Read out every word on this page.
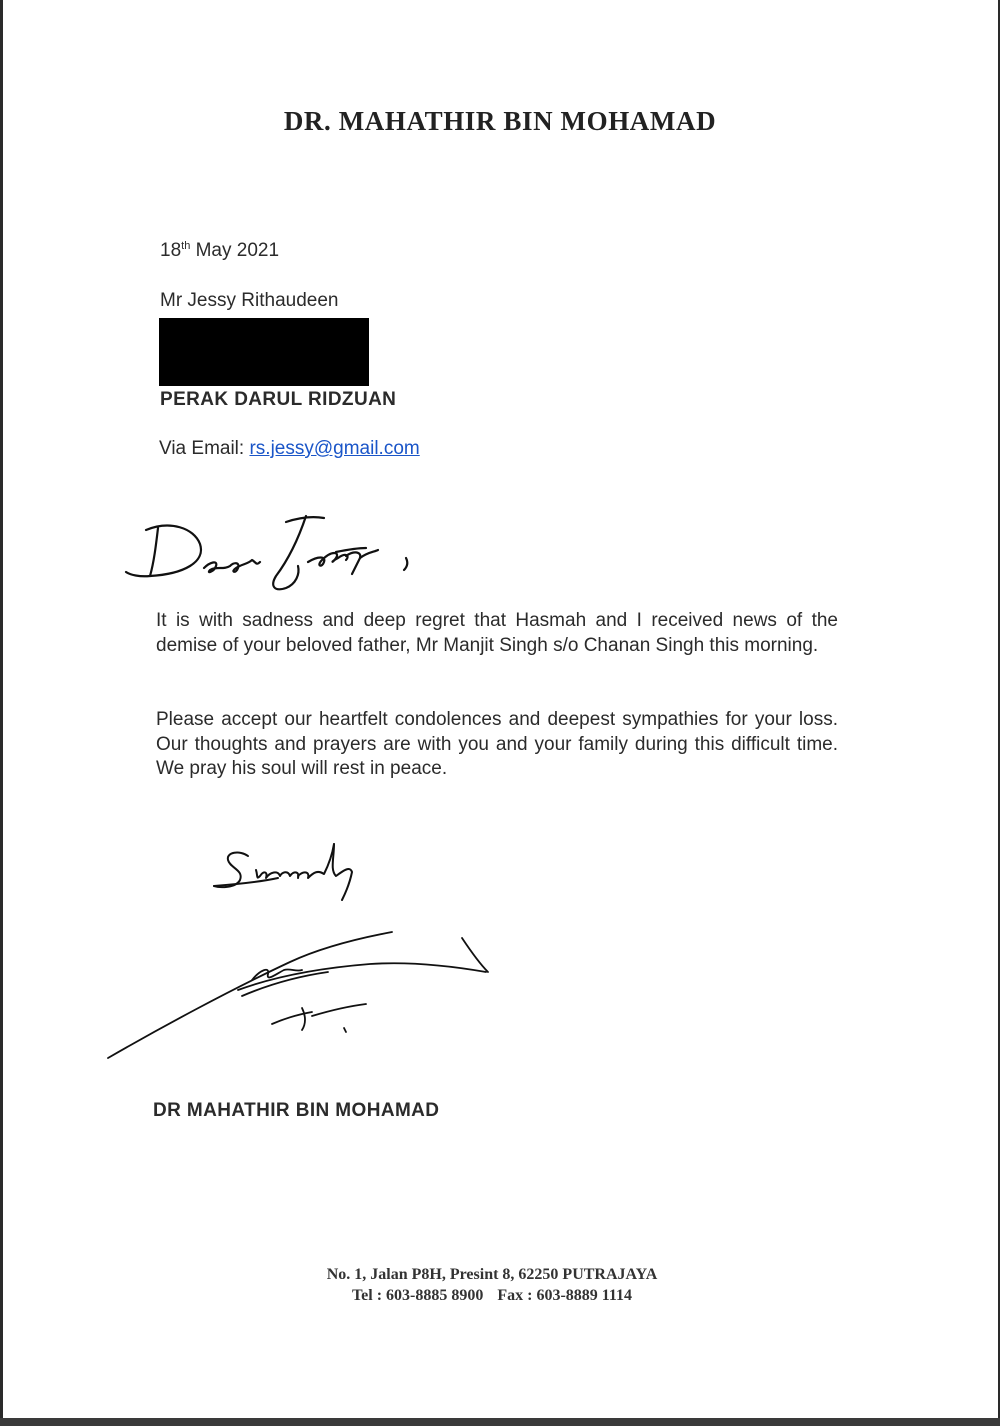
DR. MAHATHIR BIN MOHAMAD
18th May 2021
Mr Jessy Rithaudeen
PERAK DARUL RIDZUAN
Via Email: rs.jessy@gmail.com

It is with sadness and deep regret that Hasmah and I received news of the demise of your beloved father, Mr Manjit Singh s/o Chanan Singh this morning.

Please accept our heartfelt condolences and deepest sympathies for your loss. Our thoughts and prayers are with you and your family during this difficult time. We pray his soul will rest in peace.

DR MAHATHIR BIN MOHAMAD
No. 1, Jalan P8H, Presint 8, 62250 PUTRAJAYA
Tel : 603-8885 8900 Fax : 603-8889 1114
